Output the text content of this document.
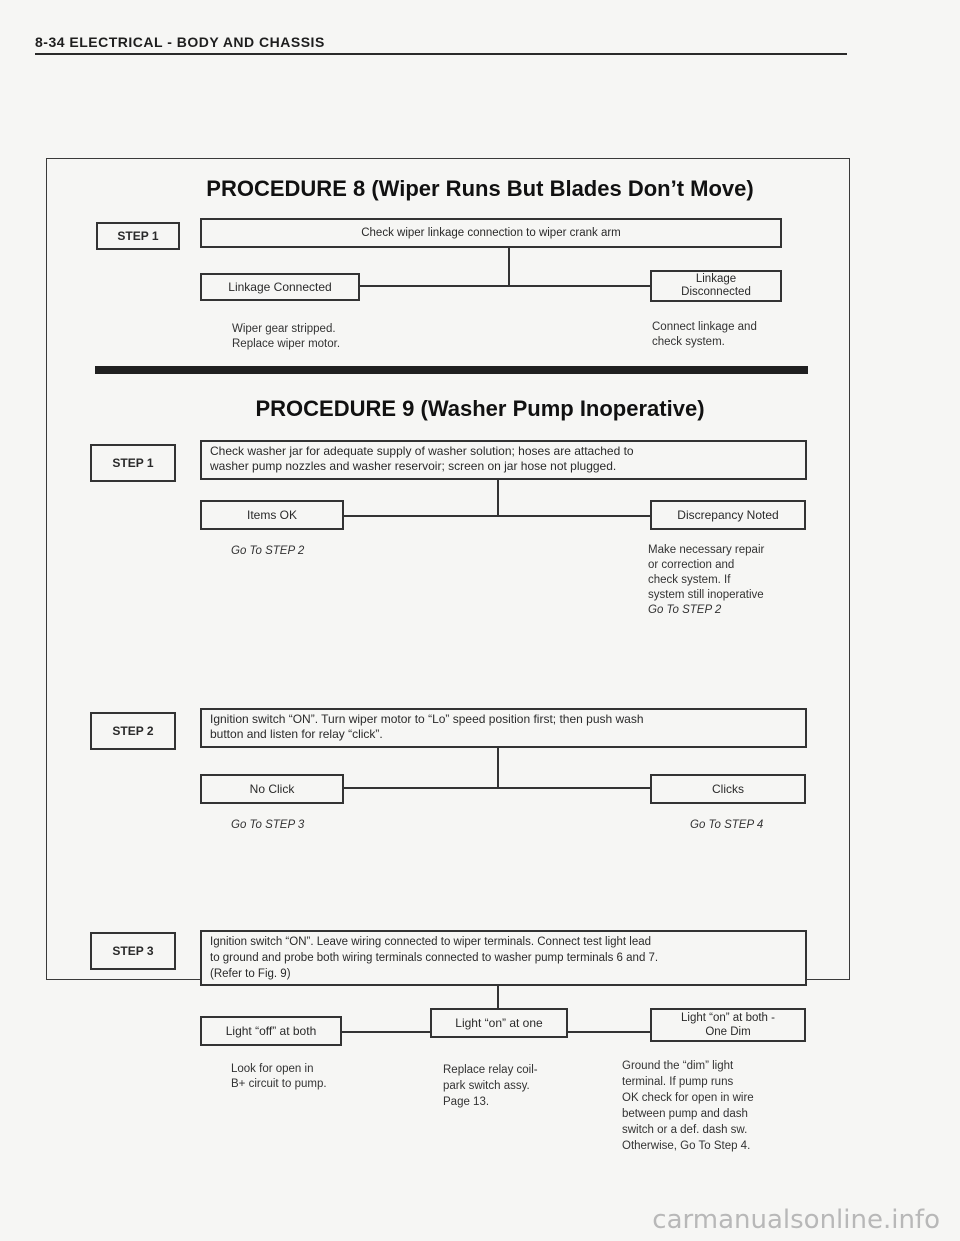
8-34 ELECTRICAL - BODY AND CHASSIS
PROCEDURE 8 (Wiper Runs But Blades Don’t Move)
STEP 1	Check wiper linkage connection to wiper crank arm
Linkage Connected
Linkage
Disconnected
Wiper gear stripped.
Replace wiper motor.
Connect linkage and
check system.
PROCEDURE 9 (Washer Pump Inoperative)
STEP 1
Check washer jar for adequate supply of washer solution; hoses are attached to
washer pump nozzles and washer reservoir; screen on jar hose not plugged.
Items OK	Discrepancy Noted
Go To STEP 2	Make necessary repair
or correction and
check system. If
system still inoperative
Go To STEP 2
STEP 2
Ignition switch “ON”. Turn wiper motor to “Lo” speed position first; then push wash
button and listen for relay “click”.
No Click	Clicks
Go To STEP 3	Go To STEP 4
STEP 3
Ignition switch “ON”. Leave wiring connected to wiper terminals. Connect test light lead
to ground and probe both wiring terminals connected to washer pump terminals 6 and 7.
(Refer to Fig. 9)
Light “off” at both
Light “on” at one	Light “on” at both -
One Dim
Look for open in
B+ circuit to pump.
Replace relay coil-
park switch assy.
Page 13.
Ground the “dim” light
terminal. If pump runs
OK check for open in wire
between pump and dash
switch or a def. dash sw.
Otherwise, Go To Step 4.
carmanualsonline.info
